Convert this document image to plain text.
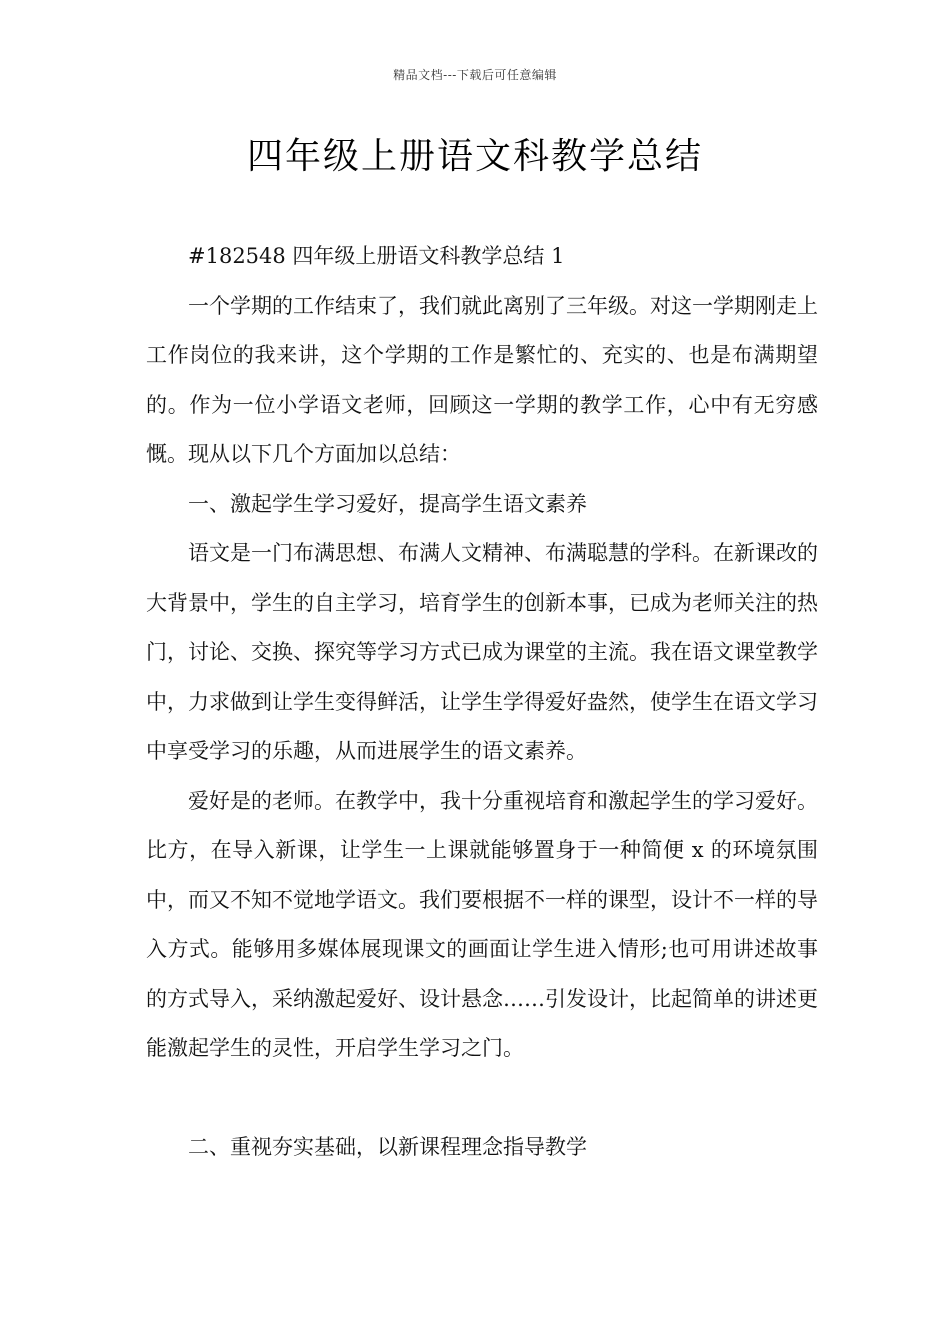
精品文档---下载后可任意编辑
四年级上册语文科教学总结

#182548 四年级上册语文科教学总结 1

一个学期的工作结束了，我们就此离别了三年级。对这一学期刚走上工作岗位的我来讲，这个学期的工作是繁忙的、充实的、也是布满期望的。作为一位小学语文老师，回顾这一学期的教学工作，心中有无穷感慨。现从以下几个方面加以总结：

一、激起学生学习爱好，提高学生语文素养

语文是一门布满思想、布满人文精神、布满聪慧的学科。在新课改的大背景中，学生的自主学习，培育学生的创新本事，已成为老师关注的热门，讨论、交换、探究等学习方式已成为课堂的主流。我在语文课堂教学中，力求做到让学生变得鲜活，让学生学得爱好盎然，使学生在语文学习中享受学习的乐趣，从而进展学生的语文素养。

爱好是的老师。在教学中，我十分重视培育和激起学生的学习爱好。比方，在导入新课，让学生一上课就能够置身于一种简便 x 的环境氛围中，而又不知不觉地学语文。我们要根据不一样的课型，设计不一样的导入方式。能够用多媒体展现课文的画面让学生进入情形;也可用讲述故事的方式导入，采纳激起爱好、设计悬念……引发设计，比起简单的讲述更能激起学生的灵性，开启学生学习之门。

二、重视夯实基础，以新课程理念指导教学
